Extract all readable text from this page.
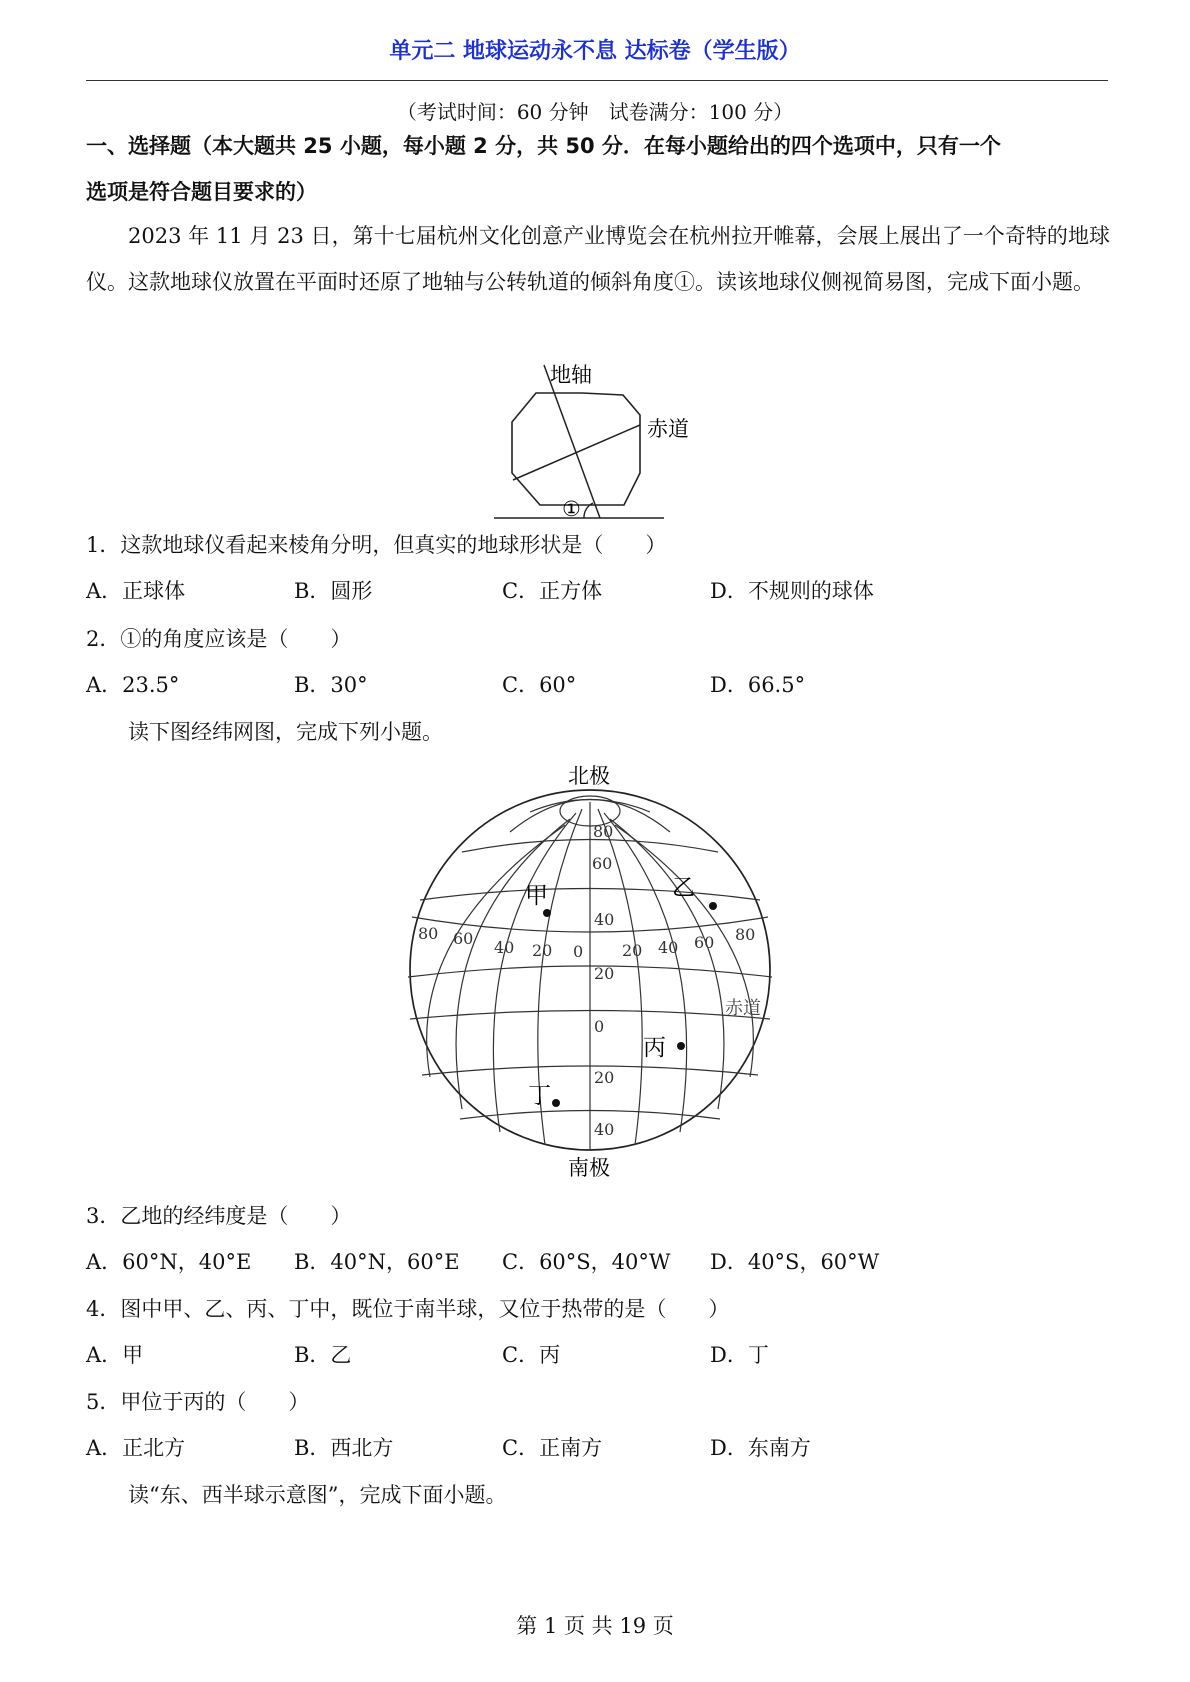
单元二 地球运动永不息 达标卷（学生版）
（考试时间：60 分钟　试卷满分：100 分）
一、选择题（本大题共 25 小题，每小题 2 分，共 50 分．在每小题给出的四个选项中，只有一个
选项是符合题目要求的）
2023 年 11 月 23 日，第十七届杭州文化创意产业博览会在杭州拉开帷幕，会展上展出了一个奇特的地球仪。这款地球仪放置在平面时还原了地轴与公转轨道的倾斜角度①。读该地球仪侧视简易图，完成下面小题。
地轴
赤道
①
1．这款地球仪看起来棱角分明，但真实的地球形状是（　　）
A．正球体	B．圆形	C．正方体	D．不规则的球体
2．①的角度应该是（　　）
A．23.5°	B．30°	C．60°	D．66.5°
读下图经纬网图，完成下列小题。
北极
南极
赤道
80
60
40
20
0
20
40
80 60 40 20 0 20 40 60 80
甲	乙
丙
丁
3．乙地的经纬度是（　　）
A．60°N，40°E B．40°N，60°E C．60°S，40°W D．40°S，60°W
4．图中甲、乙、丙、丁中，既位于南半球，又位于热带的是（　　）
A．甲	B．乙	C．丙	D．丁
5．甲位于丙的（　　）
A．正北方	B．西北方	C．正南方	D．东南方
读“东、西半球示意图”，完成下面小题。
第 1 页 共 19 页
